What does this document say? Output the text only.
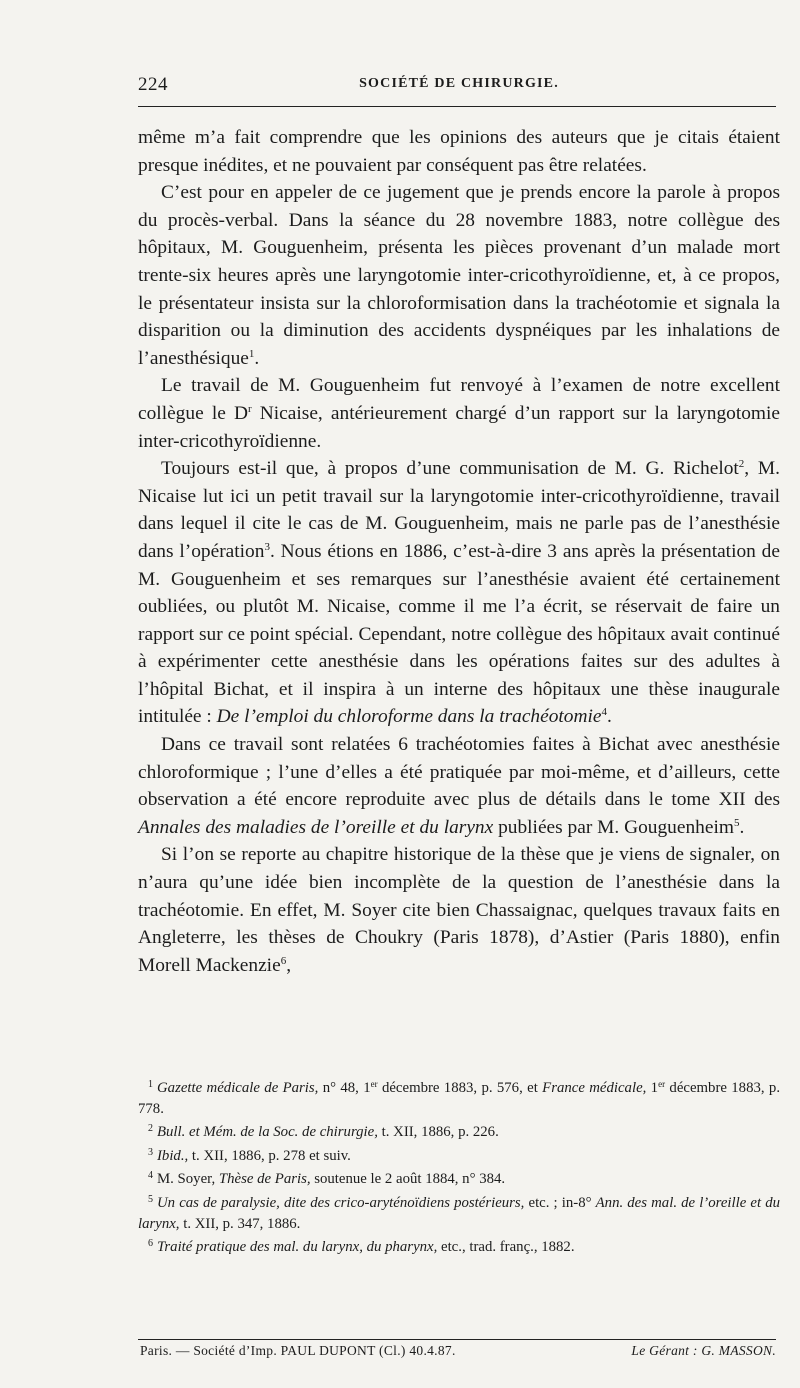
224	SOCIÉTÉ DE CHIRURGIE.

même m’a fait comprendre que les opinions des auteurs que je citais étaient presque inédites, et ne pouvaient par conséquent pas être relatées.

C’est pour en appeler de ce jugement que je prends encore la parole à propos du procès-verbal. Dans la séance du 28 novembre 1883, notre collègue des hôpitaux, M. Gouguenheim, présenta les pièces provenant d’un malade mort trente-six heures après une laryngotomie inter-cricothyroïdienne, et, à ce propos, le présentateur insista sur la chloroformisation dans la trachéotomie et signala la disparition ou la diminution des accidents dyspnéiques par les inhalations de l’anesthésique$^1$.

Le travail de M. Gouguenheim fut renvoyé à l’examen de notre excellent collègue le $D^r$ Nicaise, antérieurement chargé d’un rapport sur la laryngotomie inter-cricothyroïdienne.

Toujours est-il que, à propos d’une communisation de M. G. Richelot$^2$, M. Nicaise lut ici un petit travail sur la laryngotomie inter-cricothyroïdienne, travail dans lequel il cite le cas de M. Gouguenheim, mais ne parle pas de l’anesthésie dans l’opération$^3$. Nous étions en 1886, c’est-à-dire 3 ans après la présentation de M. Gouguenheim et ses remarques sur l’anesthésie avaient été certainement oubliées, ou plutôt M. Nicaise, comme il me l’a écrit, se réservait de faire un rapport sur ce point spécial. Cependant, notre collègue des hôpitaux avait continué à expérimenter cette anesthésie dans les opérations faites sur des adultes à l’hôpital Bichat, et il inspira à un interne des hôpitaux une thèse inaugurale intitulée : De l’emploi du chloroforme dans la trachéotomie$^4$.

Dans ce travail sont relatées 6 trachéotomies faites à Bichat avec anesthésie chloroformique ; l’une d’elles a été pratiquée par moi-même, et d’ailleurs, cette observation a été encore reproduite avec plus de détails dans le tome XII des Annales des maladies de l’oreille et du larynx publiées par M. Gouguenheim$^5$.

Si l’on se reporte au chapitre historique de la thèse que je viens de signaler, on n’aura qu’une idée bien incomplète de la question de l’anesthésie dans la trachéotomie. En effet, M. Soyer cite bien Chassaignac, quelques travaux faits en Angleterre, les thèses de Choukry (Paris 1878), d’Astier (Paris 1880), enfin Morell Mackenzie$^6$,

$^1$ Gazette médicale de Paris, n° 48, 1er décembre 1883, p. 576, et France médicale, 1er décembre 1883, p. 778.

$^2$ Bull. et Mém. de la Soc. de chirurgie, t. XII, 1886, p. 226.

$^3$ Ibid., t. XII, 1886, p. 278 et suiv.

$^4$ M. Soyer, Thèse de Paris, soutenue le 2 août 1884, n° 384.

$^5$ Un cas de paralysie, dite des crico-aryténoïdiens postérieurs, etc. ; in-8° Ann. des mal. de l’oreille et du larynx, t. XII, p. 347, 1886.

$^6$ Traité pratique des mal. du larynx, du pharynx, etc., trad. franç., 1882.

Paris. — Société d’Imp. PAUL DUPONT (Cl.) 40.4.87.	Le Gérant : G. MASSON.
